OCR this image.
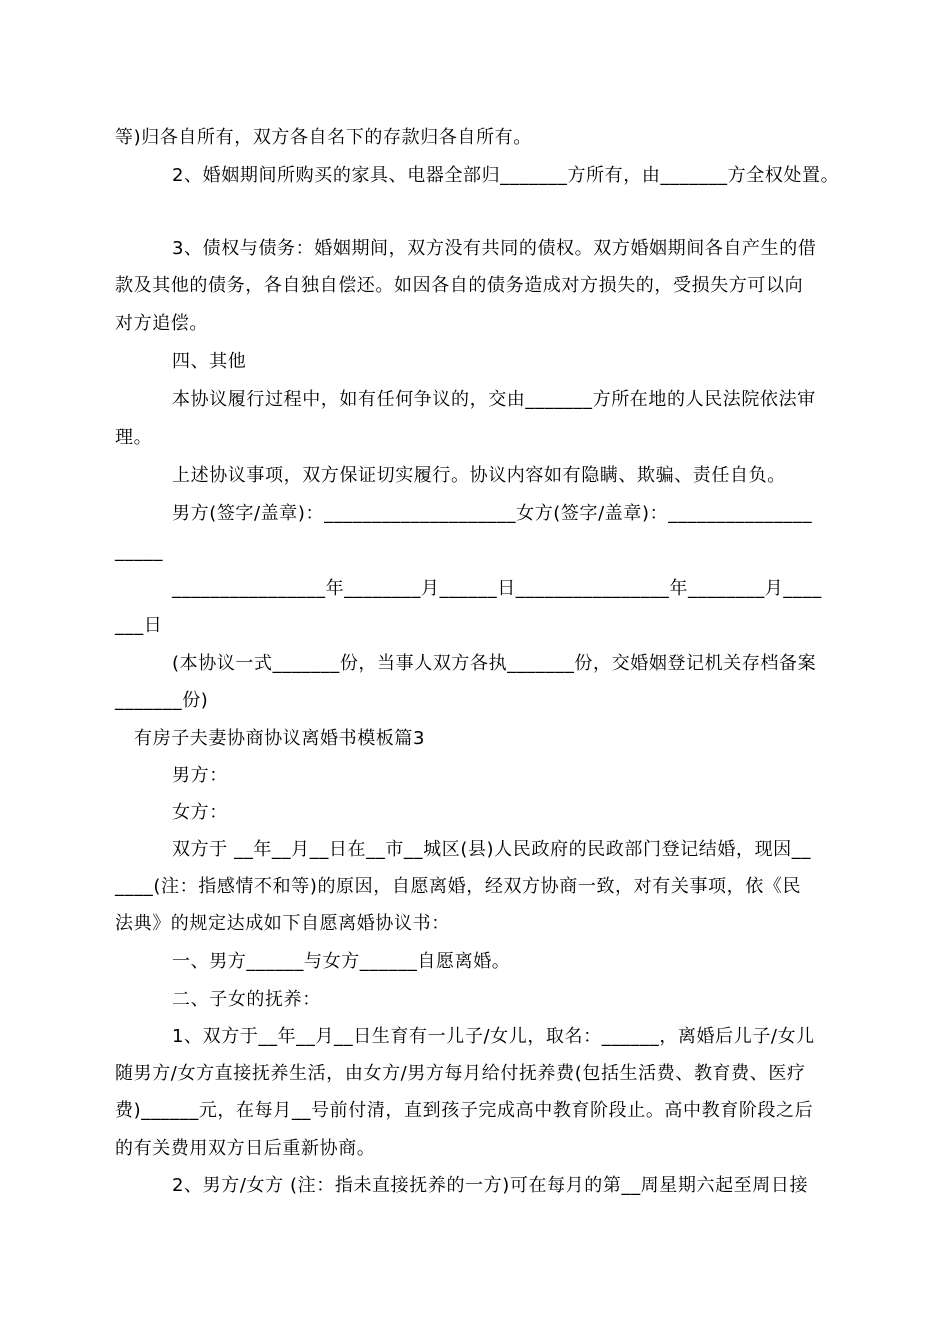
等)归各自所有，双方各自名下的存款归各自所有。
2、婚姻期间所购买的家具、电器全部归_______方所有，由_______方全权处置。
3、债权与债务：婚姻期间，双方没有共同的债权。双方婚姻期间各自产生的借
款及其他的债务，各自独自偿还。如因各自的债务造成对方损失的，受损失方可以向
对方追偿。
四、其他
本协议履行过程中，如有任何争议的，交由_______方所在地的人民法院依法审
理。
上述协议事项，双方保证切实履行。协议内容如有隐瞒、欺骗、责任自负。
男方(签字/盖章)：____________________女方(签字/盖章)：_______________
_____
________________年________月______日________________年________月____
___日
(本协议一式_______份，当事人双方各执_______份，交婚姻登记机关存档备案
_______份)
有房子夫妻协商协议离婚书模板篇3
男方：
女方：
双方于 __年__月__日在__市__城区(县)人民政府的民政部门登记结婚，现因__
____(注：指感情不和等)的原因，自愿离婚，经双方协商一致，对有关事项，依《民
法典》的规定达成如下自愿离婚协议书：
一、男方______与女方______自愿离婚。
二、子女的抚养：
1、双方于__年__月__日生育有一儿子/女儿，取名：______，离婚后儿子/女儿
随男方/女方直接抚养生活，由女方/男方每月给付抚养费(包括生活费、教育费、医疗
费)______元，在每月__号前付清，直到孩子完成高中教育阶段止。高中教育阶段之后
的有关费用双方日后重新协商。
2、男方/女方 (注：指未直接抚养的一方)可在每月的第__周星期六起至周日接
